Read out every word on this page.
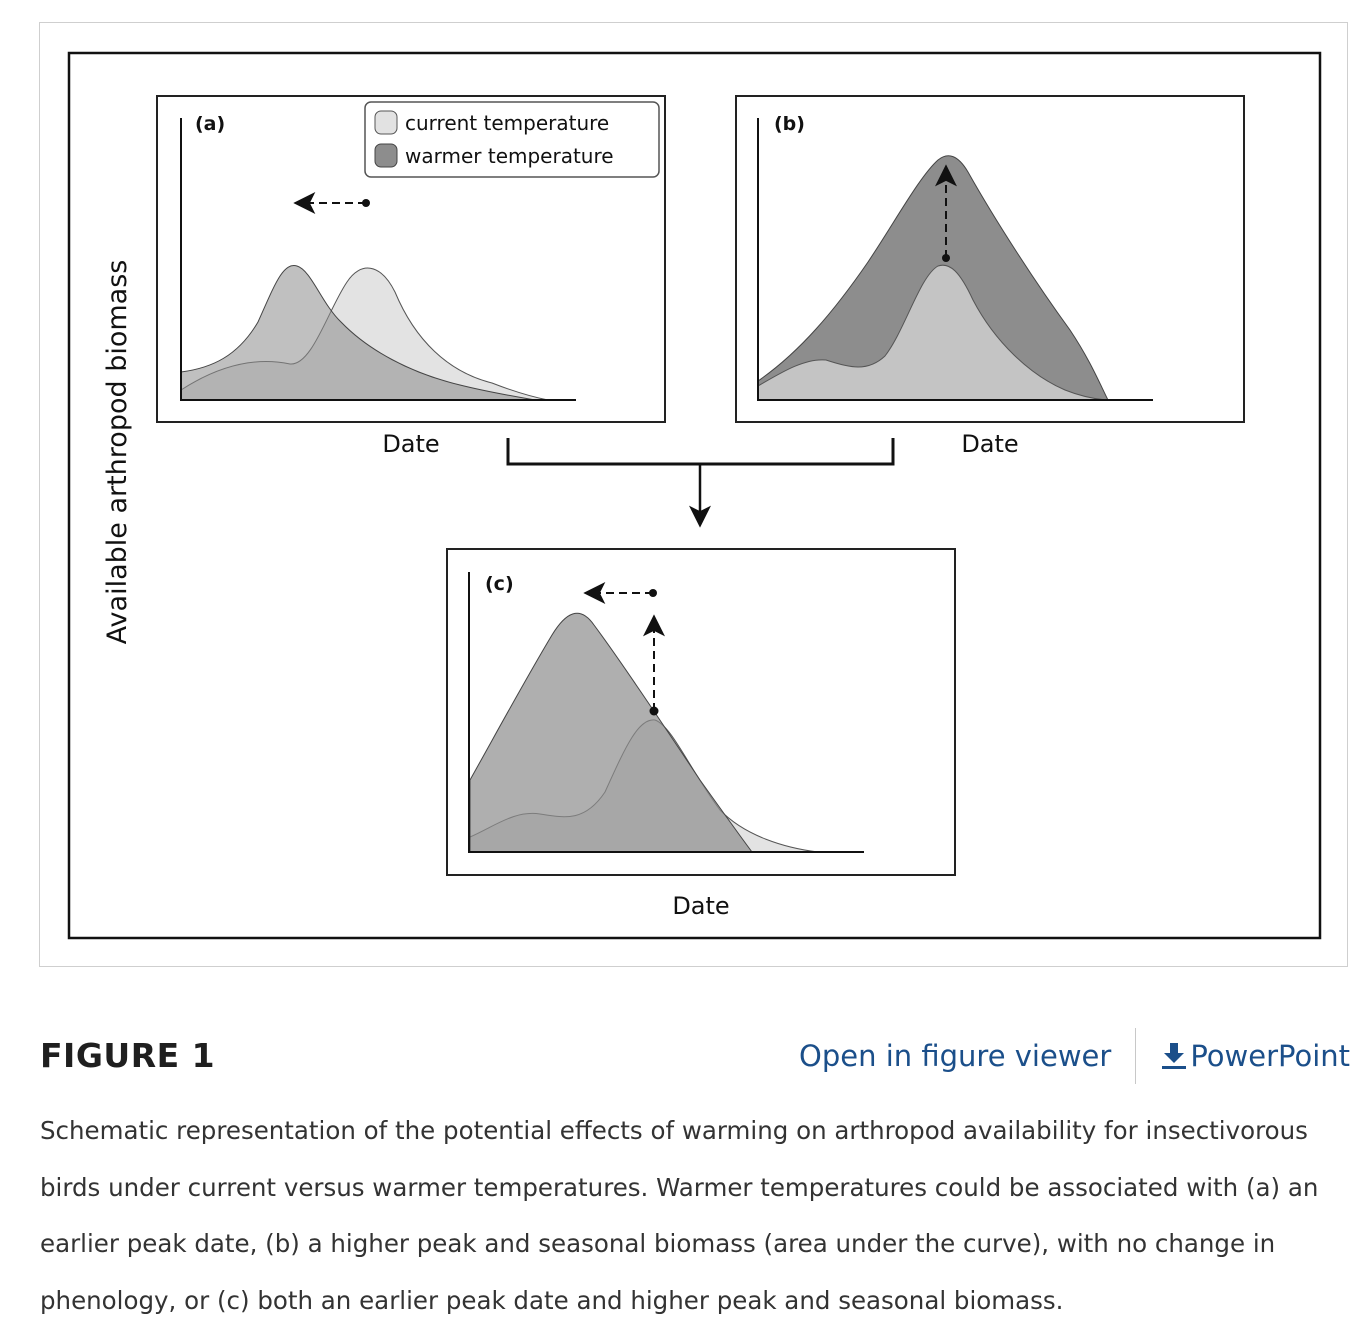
Available arthropod biomass
(a)	current temperature
warmer temperature
Date
(b)
Date
(c)
Date
FIGURE 1	Open in figure viewer	PowerPoint

Schematic representation of the potential effects of warming on arthropod availability for insectivorous birds under current versus warmer temperatures. Warmer temperatures could be associated with (a) an earlier peak date, (b) a higher peak and seasonal biomass (area under the curve), with no change in phenology, or (c) both an earlier peak date and higher peak and seasonal biomass.
